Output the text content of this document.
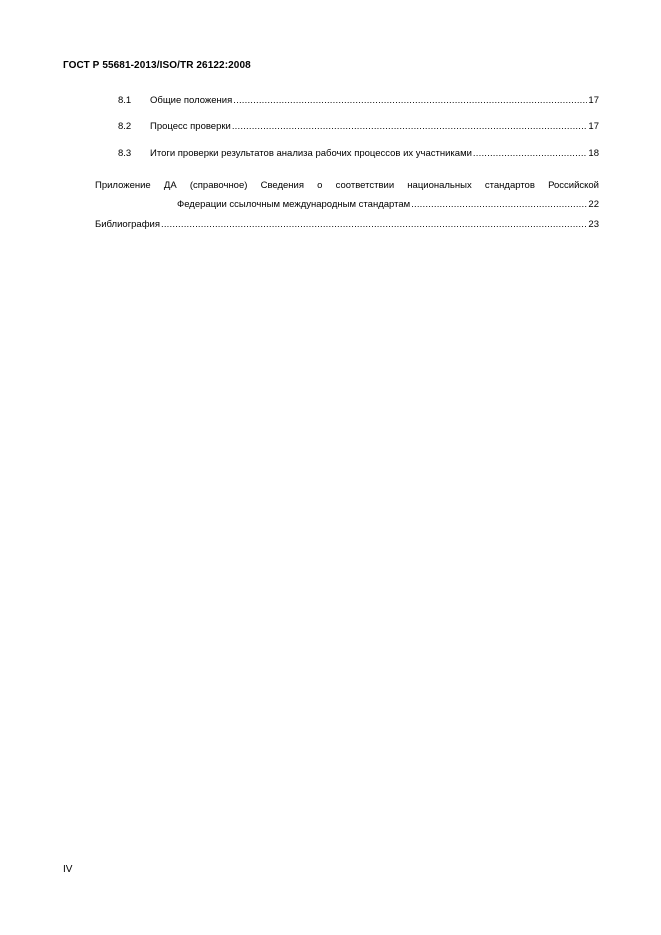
ГОСТ Р 55681-2013/ISO/TR 26122:2008
8.1	Общие положения .....	17
8.2	Процесс проверки .....	17
8.3	Итоги проверки результатов анализа рабочих процессов их участниками .....	18
Приложение ДА (справочное) Сведения о соответствии национальных стандартов Российской
Федерации ссылочным международным стандартам .....	22
Библиография .....	23
IV
